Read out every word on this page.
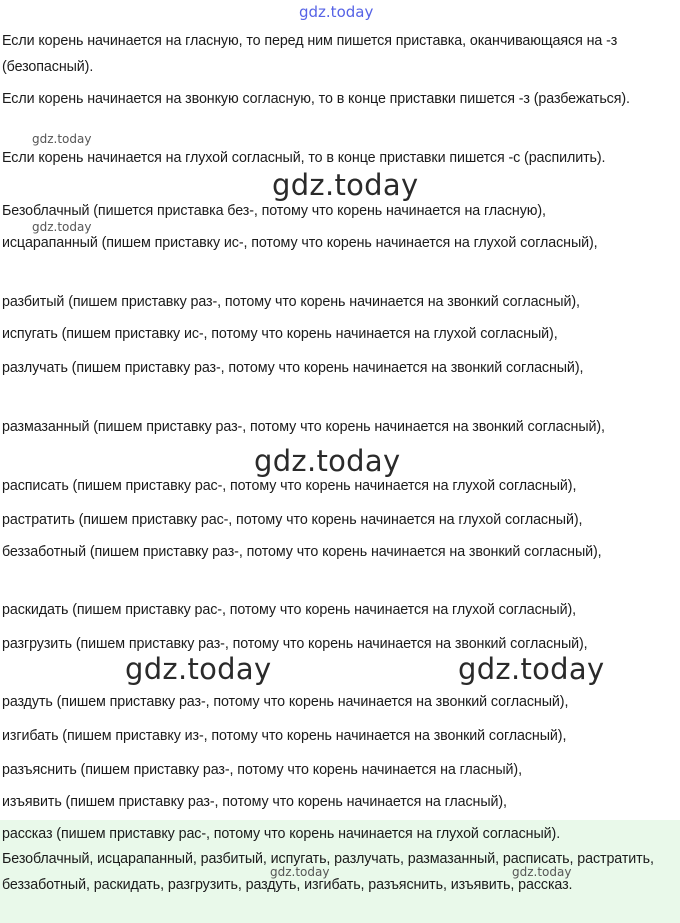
Если корень начинается на гласную, то перед ним пишется приставка, оканчивающаяся на -з (безопасный).

Если корень начинается на звонкую согласную, то в конце приставки пишется -з (разбежаться).

Если корень начинается на глухой согласный, то в конце приставки пишется -с (распилить).

Безоблачный (пишется приставка без-, потому что корень начинается на гласную),

исцарапанный (пишем приставку ис-, потому что корень начинается на глухой согласный),

разбитый (пишем приставку раз-, потому что корень начинается на звонкий согласный),

испугать (пишем приставку ис-, потому что корень начинается на глухой согласный),

разлучать (пишем приставку раз-, потому что корень начинается на звонкий согласный),

размазанный (пишем приставку раз-, потому что корень начинается на звонкий согласный),

расписать (пишем приставку рас-, потому что корень начинается на глухой согласный),

растратить (пишем приставку рас-, потому что корень начинается на глухой согласный),

беззаботный (пишем приставку раз-, потому что корень начинается на звонкий согласный),

раскидать (пишем приставку рас-, потому что корень начинается на глухой согласный),

разгрузить (пишем приставку раз-, потому что корень начинается на звонкий согласный),

раздуть (пишем приставку раз-, потому что корень начинается на звонкий согласный),

изгибать (пишем приставку из-, потому что корень начинается на звонкий согласный),

разъяснить (пишем приставку раз-, потому что корень начинается на гласный),

изъявить (пишем приставку раз-, потому что корень начинается на гласный),

Безоблачный, исцарапанный, разбитый, испугать, разлучать, размазанный, расписать, растратить, беззаботный, раскидать, разгрузить, раздуть, изгибать, разъяснить, изъявить, рассказ.

рассказ (пишем приставку рас-, потому что корень начинается на глухой согласный).

gdz.today
gdz.today
gdz.today
gdz.today
gdz.today
gdz.today	gdz.today
gdz.today	gdz.today
